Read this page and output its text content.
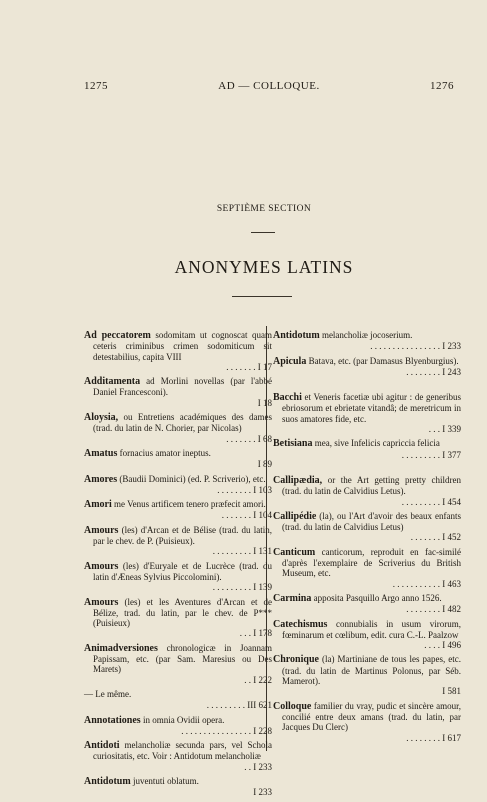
1275	AD — COLLOQUE.	1276
SEPTIÈME SECTION
ANONYMES LATINS
Ad peccatorem sodomitam ut cognoscat quam ceteris criminibus crimen sodomiticum sit detestabilius, capita VIII
. . . . . . . I 17
Additamenta ad Morlini novellas (par l'abbé Daniel Francesconi).
I 18
Aloysia, ou Entretiens académiques des dames (trad. du latin de N. Chorier, par Nicolas)
. . . . . . . I 68
Amatus fornacius amator ineptus.
I 89
Amores (Baudii Dominici) (ed. P. Scriverio), etc.
. . . . . . . . I 103
Amori me Venus artificem tenero præfecit amori.
. . . . . . . I 104
Amours (les) d'Arcan et de Bélise (trad. du latin, par le chev. de P. (Puisieux).
. . . . . . . . . I 131
Amours (les) d'Euryale et de Lucrèce (trad. du latin d'Æneas Sylvius Piccolomini).
. . . . . . . . . I 139
Amours (les) et les Aventures d'Arcan et de Bélize, trad. du latin, par le chev. de P*** (Puisieux)
. . . I 178
Animadversiones chronologicæ in Joannam Papissam, etc. (par Sam. Maresius ou Des Marets)
. . I 222
— Le même.
. . . . . . . . . III 621
Annotationes in omnia Ovidii opera.
. . . . . . . . . . . . . . . . I 228
Antidoti melancholiæ secunda pars, vel Schola curiositatis, etc. Voir : Antidotum melancholiæ
. . I 233
Antidotum juventuti oblatum.
I 233
Antidotum melancholiæ jocoserium.
. . . . . . . . . . . . . . . . I 233
Apicula Batava, etc. (par Damasus Blyenburgius).
. . . . . . . . I 243
Bacchi et Veneris facetiæ ubi agitur : de generibus ebriosorum et ebrietate vitandâ; de meretricum in suos amatores fide, etc.
. . . I 339
Betisiana mea, sive Infelicis capriccia felicia
. . . . . . . . . I 377
Callipædia, or the Art getting pretty children (trad. du latin de Calvidius Letus).
. . . . . . . . . I 454
Callipédie (la), ou l'Art d'avoir des beaux enfants (trad. du latin de Calvidius Letus)
. . . . . . . I 452
Canticum canticorum, reproduit en fac-similé d'après l'exemplaire de Scriverius du British Museum, etc.
. . . . . . . . . . . I 463
Carmina apposita Pasquillo Argo anno 1526.
. . . . . . . . I 482
Catechismus connubialis in usum virorum, fœminarum et cœlibum, edit. cura C.-L. Paalzow
. . . . I 496
Chronique (la) Martiniane de tous les papes, etc. (trad. du latin de Martinus Polonus, par Séb. Mamerot).
I 581
Colloque familier du vray, pudic et sincère amour, concilié entre deux amans (trad. du latin, par Jacques Du Clerc)
. . . . . . . . I 617
